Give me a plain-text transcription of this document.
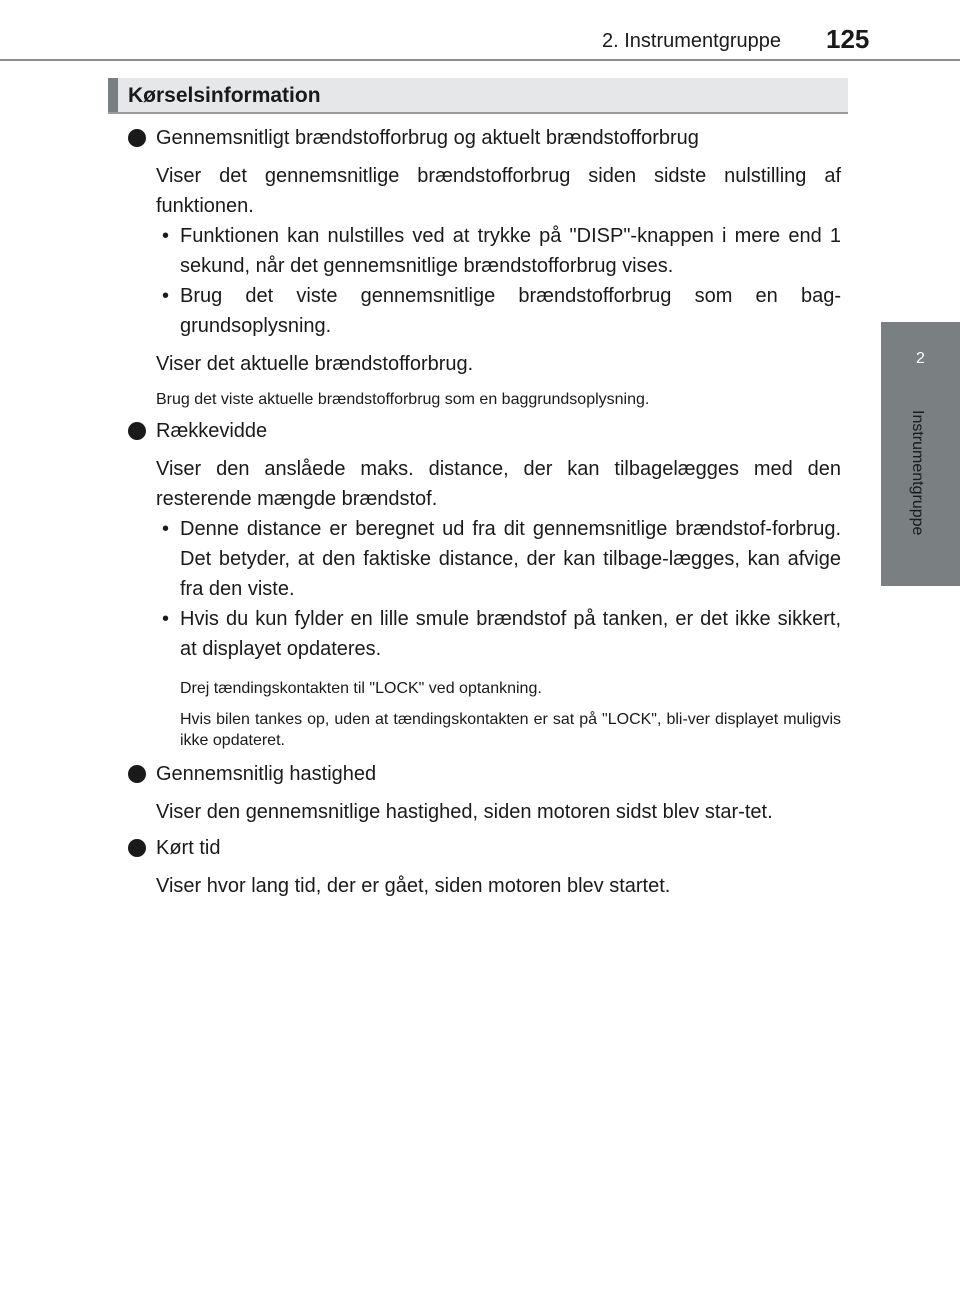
2. Instrumentgruppe 125
2
Instrumentgruppe
Kørselsinformation
Gennemsnitligt brændstofforbrug og aktuelt brændstofforbrug
Viser det gennemsnitlige brændstofforbrug siden sidste nulstilling af funktionen.
• Funktionen kan nulstilles ved at trykke på "DISP"-knappen i mere end 1 sekund, når det gennemsnitlige brændstofforbrug vises.
• Brug det viste gennemsnitlige brændstofforbrug som en bag-grundsoplysning.
Viser det aktuelle brændstofforbrug.
Brug det viste aktuelle brændstofforbrug som en baggrundsoplysning.
Rækkevidde
Viser den anslåede maks. distance, der kan tilbagelægges med den resterende mængde brændstof.
• Denne distance er beregnet ud fra dit gennemsnitlige brændstof-forbrug. Det betyder, at den faktiske distance, der kan tilbage-lægges, kan afvige fra den viste.
• Hvis du kun fylder en lille smule brændstof på tanken, er det ikke sikkert, at displayet opdateres.
Drej tændingskontakten til "LOCK" ved optankning.
Hvis bilen tankes op, uden at tændingskontakten er sat på "LOCK", bli-ver displayet muligvis ikke opdateret.
Gennemsnitlig hastighed
Viser den gennemsnitlige hastighed, siden motoren sidst blev star-tet.
Kørt tid
Viser hvor lang tid, der er gået, siden motoren blev startet.
